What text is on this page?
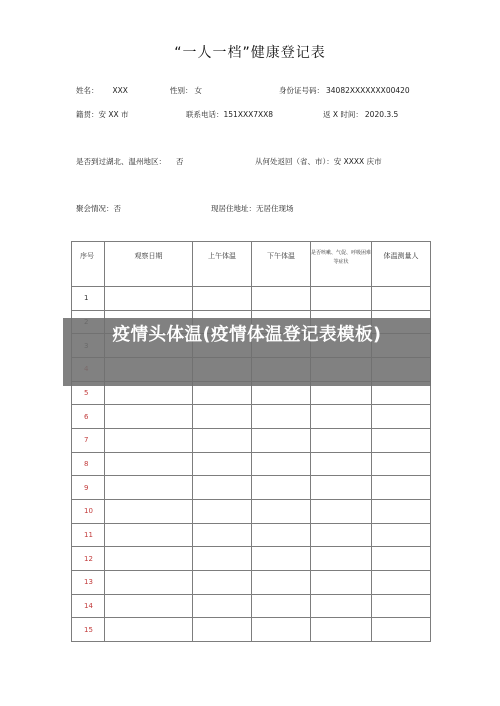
“一人一档”健康登记表
姓名： XXX	性别： 女	身份证号码： 34082XXXXXXX00420
籍贯：安 XX 市	联系电话：151XXX7XX8	返 X 时间： 2020.3.5
是否到过湖北、温州地区： 否	从何处返回（省、市）：安 XXXX 庆市
聚会情况：否	现居住地址：无居住现场
序号	观察日期	上午体温	下午体温	是否咳嗽、气促、呼吸困难等症状	体温测量人
1					

5					
6					
7					
8					
9					
10					
11					
12					
13					
14					
15					
疫情头体温(疫情体温登记表模板)
